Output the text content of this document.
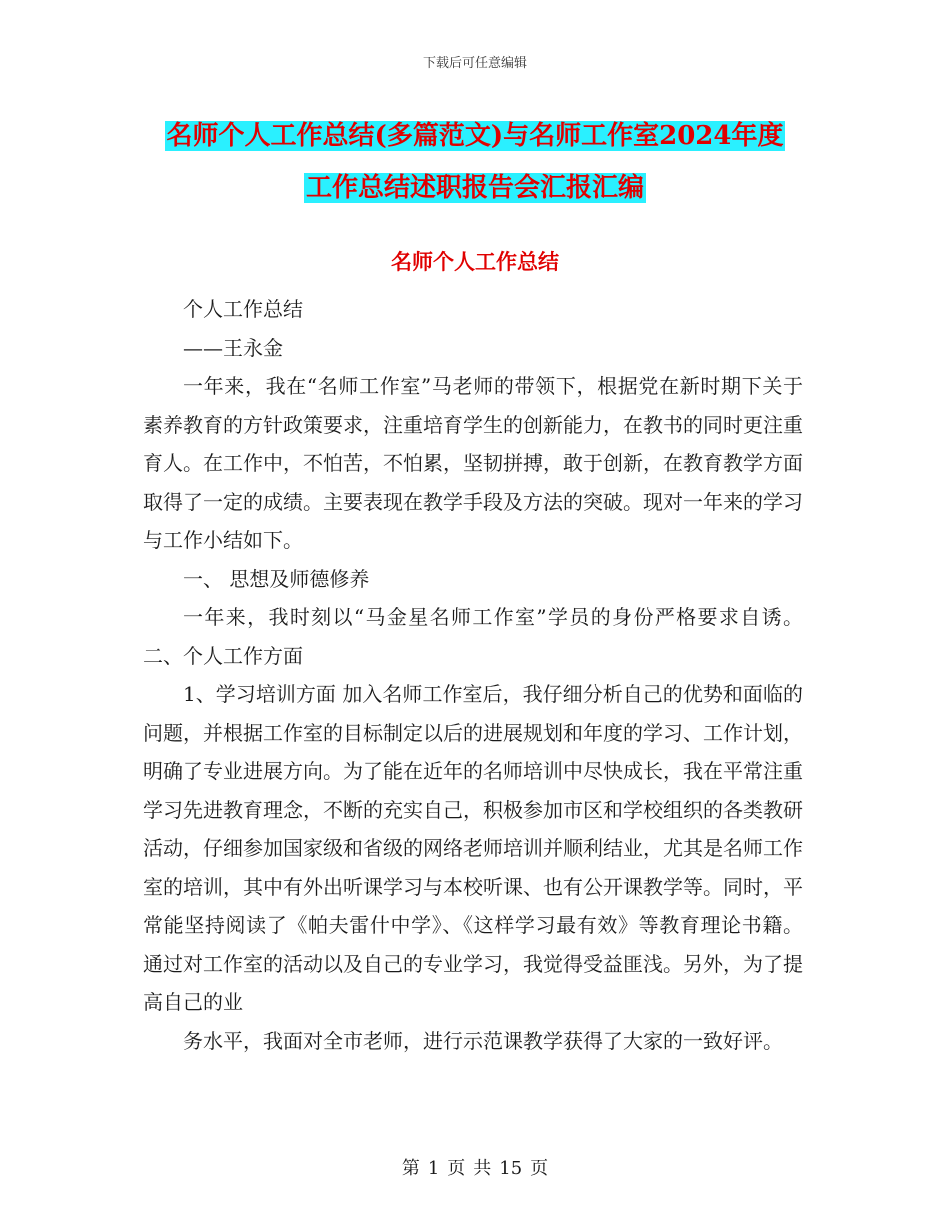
下载后可任意编辑
名师个人工作总结(多篇范文)与名师工作室2024年度
工作总结述职报告会汇报汇编
名师个人工作总结

个人工作总结

——王永金

一年来，我在“名师工作室”马老师的带领下，根据党在新时期下关于素养教育的方针政策要求，注重培育学生的创新能力，在教书的同时更注重育人。在工作中，不怕苦，不怕累，坚韧拼搏，敢于创新，在教育教学方面取得了一定的成绩。主要表现在教学手段及方法的突破。现对一年来的学习与工作小结如下。

一、 思想及师德修养

一年来，我时刻以“马金星名师工作室”学员的身份严格要求自诱。二、个人工作方面

1、学习培训方面 加入名师工作室后，我仔细分析自己的优势和面临的问题，并根据工作室的目标制定以后的进展规划和年度的学习、工作计划，明确了专业进展方向。为了能在近年的名师培训中尽快成长，我在平常注重学习先进教育理念，不断的充实自己，积极参加市区和学校组织的各类教研活动，仔细参加国家级和省级的网络老师培训并顺利结业，尤其是名师工作室的培训，其中有外出听课学习与本校听课、也有公开课教学等。同时，平常能坚持阅读了《帕夫雷什中学》、《这样学习最有效》等教育理论书籍。 通过对工作室的活动以及自己的专业学习，我觉得受益匪浅。另外，为了提高自己的业

务水平，我面对全市老师，进行示范课教学获得了大家的一致好评。

第 1 页 共 15 页
